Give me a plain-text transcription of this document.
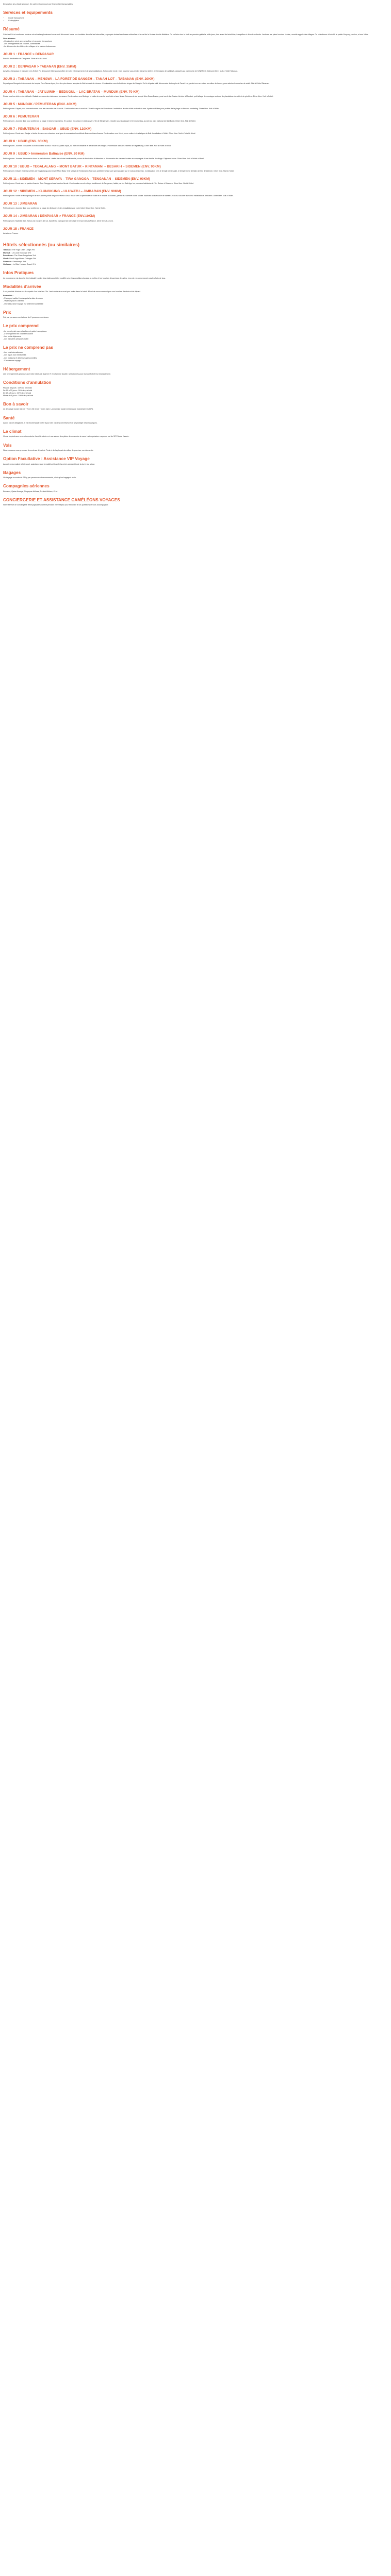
Description à La Carte proposé. Ce carte est composé par l'Immobilier Consumables

Services et équipements
• Guide francophone
• Co-équipiers
Résumé

Coloriez Kirk et continuez à mieux voir et cet engloutement nous avait découvert haute ces localisés de salle les Intervallés, regroupés toutes les choses culturelles et le mal de la fin des circuits tibétains. On va faire vivre la forêt au premier guide la, mille jours, tout avant de bénéficier, tranquilles et déserts culturels. Lectures sur place lors des écoles ; ensuite appuis des villages. On sélectionne à Ladakh le palais Yougong, ancien, et non l'offre.

Vous aimerez :
- Un circuit en privé avec chauffeur et un guide francophone
- Les hébergements de charme, confortables
- La découverte des hôtes, des villages et la nature chaleureuse
JOUR 1 : FRANCE > DENPASAR

Envol à destination de Denpasar. Dîner et nuit à bord.

JOUR 2 : DENPASAR > TABANAN (ENV. 35KM)

Arrivée à Denpasar et transfert vers l'hôtel. Fin de journée libre pour profiter de votre hébergement et de ses installations. Selon votre envie, vous pourrez vous rendre dans les rizières en terrasses de Jatiluwih, classées au patrimoine de l'UNESCO. Déjeuner libre. Nuit à l'hôtel Tabanan.

JOUR 3 : TABANAN – MENGWI – LA FORET DE SANGEH – TANAH LOT – TABANAN (ENV. 20KM)

Départ pour Mengwi et découverte du temple Pura Taman Ayun, l'un des plus beaux temples de Bali entouré de douves. Continuation vers la forêt des singes de Sangeh. En fin d'après-midi, découverte du temple de Tanah Lot, perché sur un rocher au milieu de la mer, pour admirer le coucher de soleil. Nuit à l'hôtel Tabanan.

JOUR 4 : TABANAN – JATILUWIH – BEDUGUL – LAC BRATAN – MUNDUK (ENV. 70 KM)

Route vers les rizières de Jatiluwih. Balade au cœur des rizières en terrasses. Continuation vers Bedugul et visite du marché aux fruits et aux fleurs. Découverte du temple Ulun Danu Bratan, posé sur le lac Bratan. Arrivée à Munduk, petit village de montagne entouré de plantations de café et de girofliers. Dîner libre. Nuit à l'hôtel.

JOUR 5 : MUNDUK / PEMUTERAN (ENV. 40KM)

Petit déjeuner. Départ pour une randonnée vers les cascades de Munduk. Continuation vers le nord de l'île et la région de Pemuteran. Installation à votre hôtel en bord de mer. Après-midi libre pour profiter de la plage ou faire du snorkeling. Dîner libre. Nuit à l'hôtel.

JOUR 6 : PEMUTERAN

Petit déjeuner. Journée libre pour profiter de la plage et des fonds marins. En option, excursion en bateau vers l'île de Menjangan, réputée pour la plongée et le snorkeling, au sein du parc national de Bali Barat. Dîner libre. Nuit à l'hôtel.

JOUR 7 : PEMUTERAN – BANJAR – UBUD (ENV. 120KM)

Petit déjeuner. Route vers Banjar et visite des sources chaudes ainsi que du monastère bouddhiste Brahmavihara-Arama. Continuation vers Ubud, cœur culturel et artistique de Bali. Installation à l'hôtel. Dîner libre. Nuit à l'hôtel à Ubud.

JOUR 8 : UBUD (ENV. 30KM)

Petit déjeuner. Journée consacrée à la découverte d'Ubud : visite du palais royal, du marché artisanal et de la forêt des singes. Promenade dans les rizières de Tegallalang. Dîner libre. Nuit à l'hôtel à Ubud.

JOUR 9 : UBUD > Immersion Balinaise (ENV. 20 KM)

Petit déjeuner. Journée d'immersion dans la vie balinaise : atelier de cuisine traditionnelle, cours de fabrication d'offrandes et découverte des danses locales en compagnie d'une famille du village. Déjeuner inclus. Dîner libre. Nuit à l'hôtel à Ubud.

JOUR 10 : UBUD – TEGALALANG – MONT BATUR – KINTAMANI – BESAKIH – SIDEMEN (ENV. 90KM)

Petit déjeuner. Départ vers les rizières de Tegallalang puis vers le Mont Batur et le village de Kintamani, d'où vous profiterez d'une vue spectaculaire sur le volcan et son lac. Continuation vers le temple de Besakih, le temple mère de Bali. Arrivée à Sidemen. Dîner libre. Nuit à l'hôtel.

JOUR 11 : SIDEMEN – MONT SERAYA – TIRA GANGGA – TENGANAN – SIDEMEN (ENV. 90KM)

Petit déjeuner. Route vers le palais d'eau de Tirta Gangga et ses bassins fleuris. Continuation vers le village traditionnel de Tenganan, habité par les Bali Aga, les premiers habitants de l'île. Retour à Sidemen. Dîner libre. Nuit à l'hôtel.

JOUR 12 : SIDEMEN – KLUNGKUNG – ULUWATU – JIMBARAN (ENV. 90KM)

Petit déjeuner. Visite de Klungkung et de son ancien palais de justice Kerta Gosa. Route vers la péninsule de Bukit et le temple d'Uluwatu, perché au sommet d'une falaise. Assistez au spectacle de danse Kecak au coucher du soleil. Installation à Jimbaran. Dîner libre. Nuit à l'hôtel.

JOUR 13 : JIMBARAN

Petit déjeuner. Journée libre pour profiter de la plage de Jimbaran et des installations de votre hôtel. Dîner libre. Nuit à l'hôtel.

JOUR 14 : JIMBARAN / DENPASAR > FRANCE (ENV.10KM)

Petit déjeuner. Matinée libre. Selon vos horaires de vol, transfert à l'aéroport de Denpasar et envol vers la France. Dîner et nuit à bord.

JOUR 15 : FRANCE

Arrivée en France.

Hôtels sélectionnés (ou similaires)
Tabanan : The Yoga Oasis Lodge 3*nl
Munduk : Le Lunar Ecolodge 3*nl
Pemuteran : The Chan Bungalows 3*nl
Ubud : Ubud Yoga House Cottages 3*nl
Sidemen : Samanvaya 3*nl
Jimbaran : Le Blue Horizon Resort 3*nl
Infos Pratiques

Le programme est donné à titre indicatif. L'ordre des visites peut être modifié selon les conditions locales, la météo et les horaires d'ouverture des sites. Les prix ne comprennent pas les frais de visa.

Modalités d'arrivée

Il est possible d'arriver ou de repartir d'un hôtel sur l'île. Les transferts ne sont pas inclus dans le forfait. Merci de nous communiquer vos horaires d'arrivée et de départ.

Formalités :
- Passeport valide 6 mois après la date de retour
- Visa sur place à l'arrivée
- Une assurance voyage est fortement conseillée
Prix

Prix par personne sur la base de 2 personnes minimum.

Le prix comprend
- Le circuit privé avec chauffeur et guide francophone
- L'hébergement en chambre double
- Les petits déjeuners
- Les transferts aéroport / hôtel
Le prix ne comprend pas
- Les vols internationaux
- Les repas non mentionnés
- Les boissons et dépenses personnelles
- L'assurance voyage
Hébergement

Les hébergements proposés sont des hôtels de charme 3* en chambre double, sélectionnés pour leur confort et leur emplacement.

Conditions d'annulation
Plus de 60 jours : 10% du prix total
De 59 à 30 jours : 30% du prix total
De 29 à 8 jours : 60% du prix total
Moins de 8 jours : 100% du prix total
Bon à savoir

Le décalage horaire est de +7h en été et de +6h en hiver. La monnaie locale est la roupie indonésienne (IDR).

Santé

Aucun vaccin obligatoire. Il est recommandé d'être à jour des vaccins universels et de se protéger des moustiques.

Le climat

Climat tropical avec une saison sèche d'avril à octobre et une saison des pluies de novembre à mars. La température moyenne est de 30°C toute l'année.

Vols

Nous pouvons vous proposer des vols au départ de Paris et de la plupart des villes de province, sur demande.

Option Facultative : Assistance VIP Voyage

Accueil personnalisé à l'aéroport, assistance aux formalités et transferts privés pendant toute la durée du séjour.

Bagages

Un bagage en soute de 23 kg par personne est recommandé, ainsi qu'un bagage à main.

Compagnies aériennes

Emirates, Qatar Airways, Singapore Airlines, Turkish Airlines, KLM.

CONCIERGERIE ET ASSISTANCE CAMÉLÉONS VOYAGES

Notre service de conciergerie reste joignable avant et pendant votre séjour pour répondre à vos questions et vous accompagner.
